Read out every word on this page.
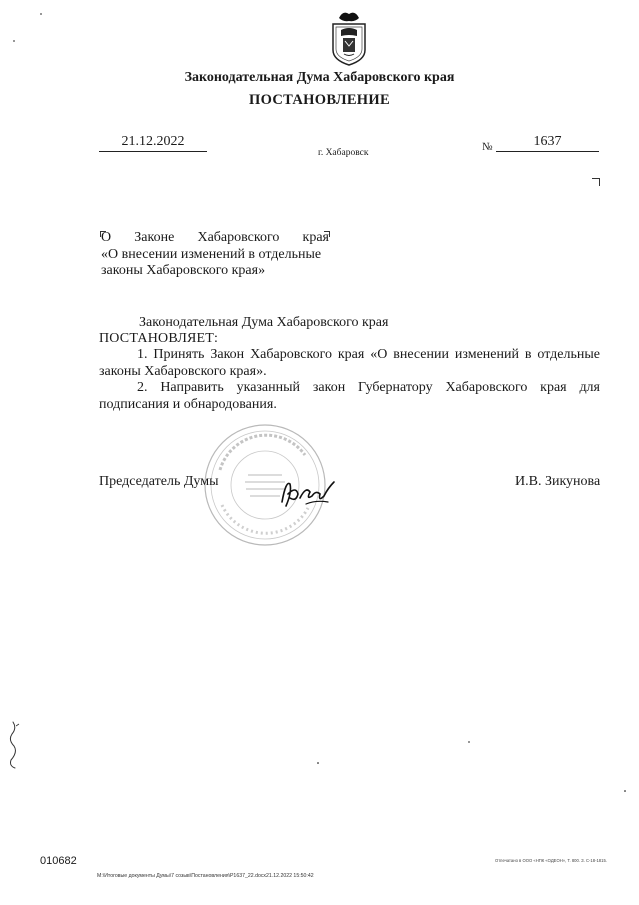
Законодательная Дума Хабаровского края
ПОСТАНОВЛЕНИЕ
21.12.2022
г. Хабаровск	№	1637
О Законе Хабаровского края
«О внесении изменений в отдельные
законы Хабаровского края»
Законодательная Дума Хабаровского края
ПОСТАНОВЛЯЕТ:
1. Принять Закон Хабаровского края «О внесении изменений в отдельные законы Хабаровского края».
2. Направить указанный закон Губернатору Хабаровского края для подписания и обнародования.
Председатель Думы	И.В. Зикунова
010682	Отпечатано в ООО «НПК «ОДЕОН», Т. 800. З. С-18-1815.
M:\Итоговые документы Думы\7 созыв\Постановления\P1637_22.docx21.12.2022 15:50:42
